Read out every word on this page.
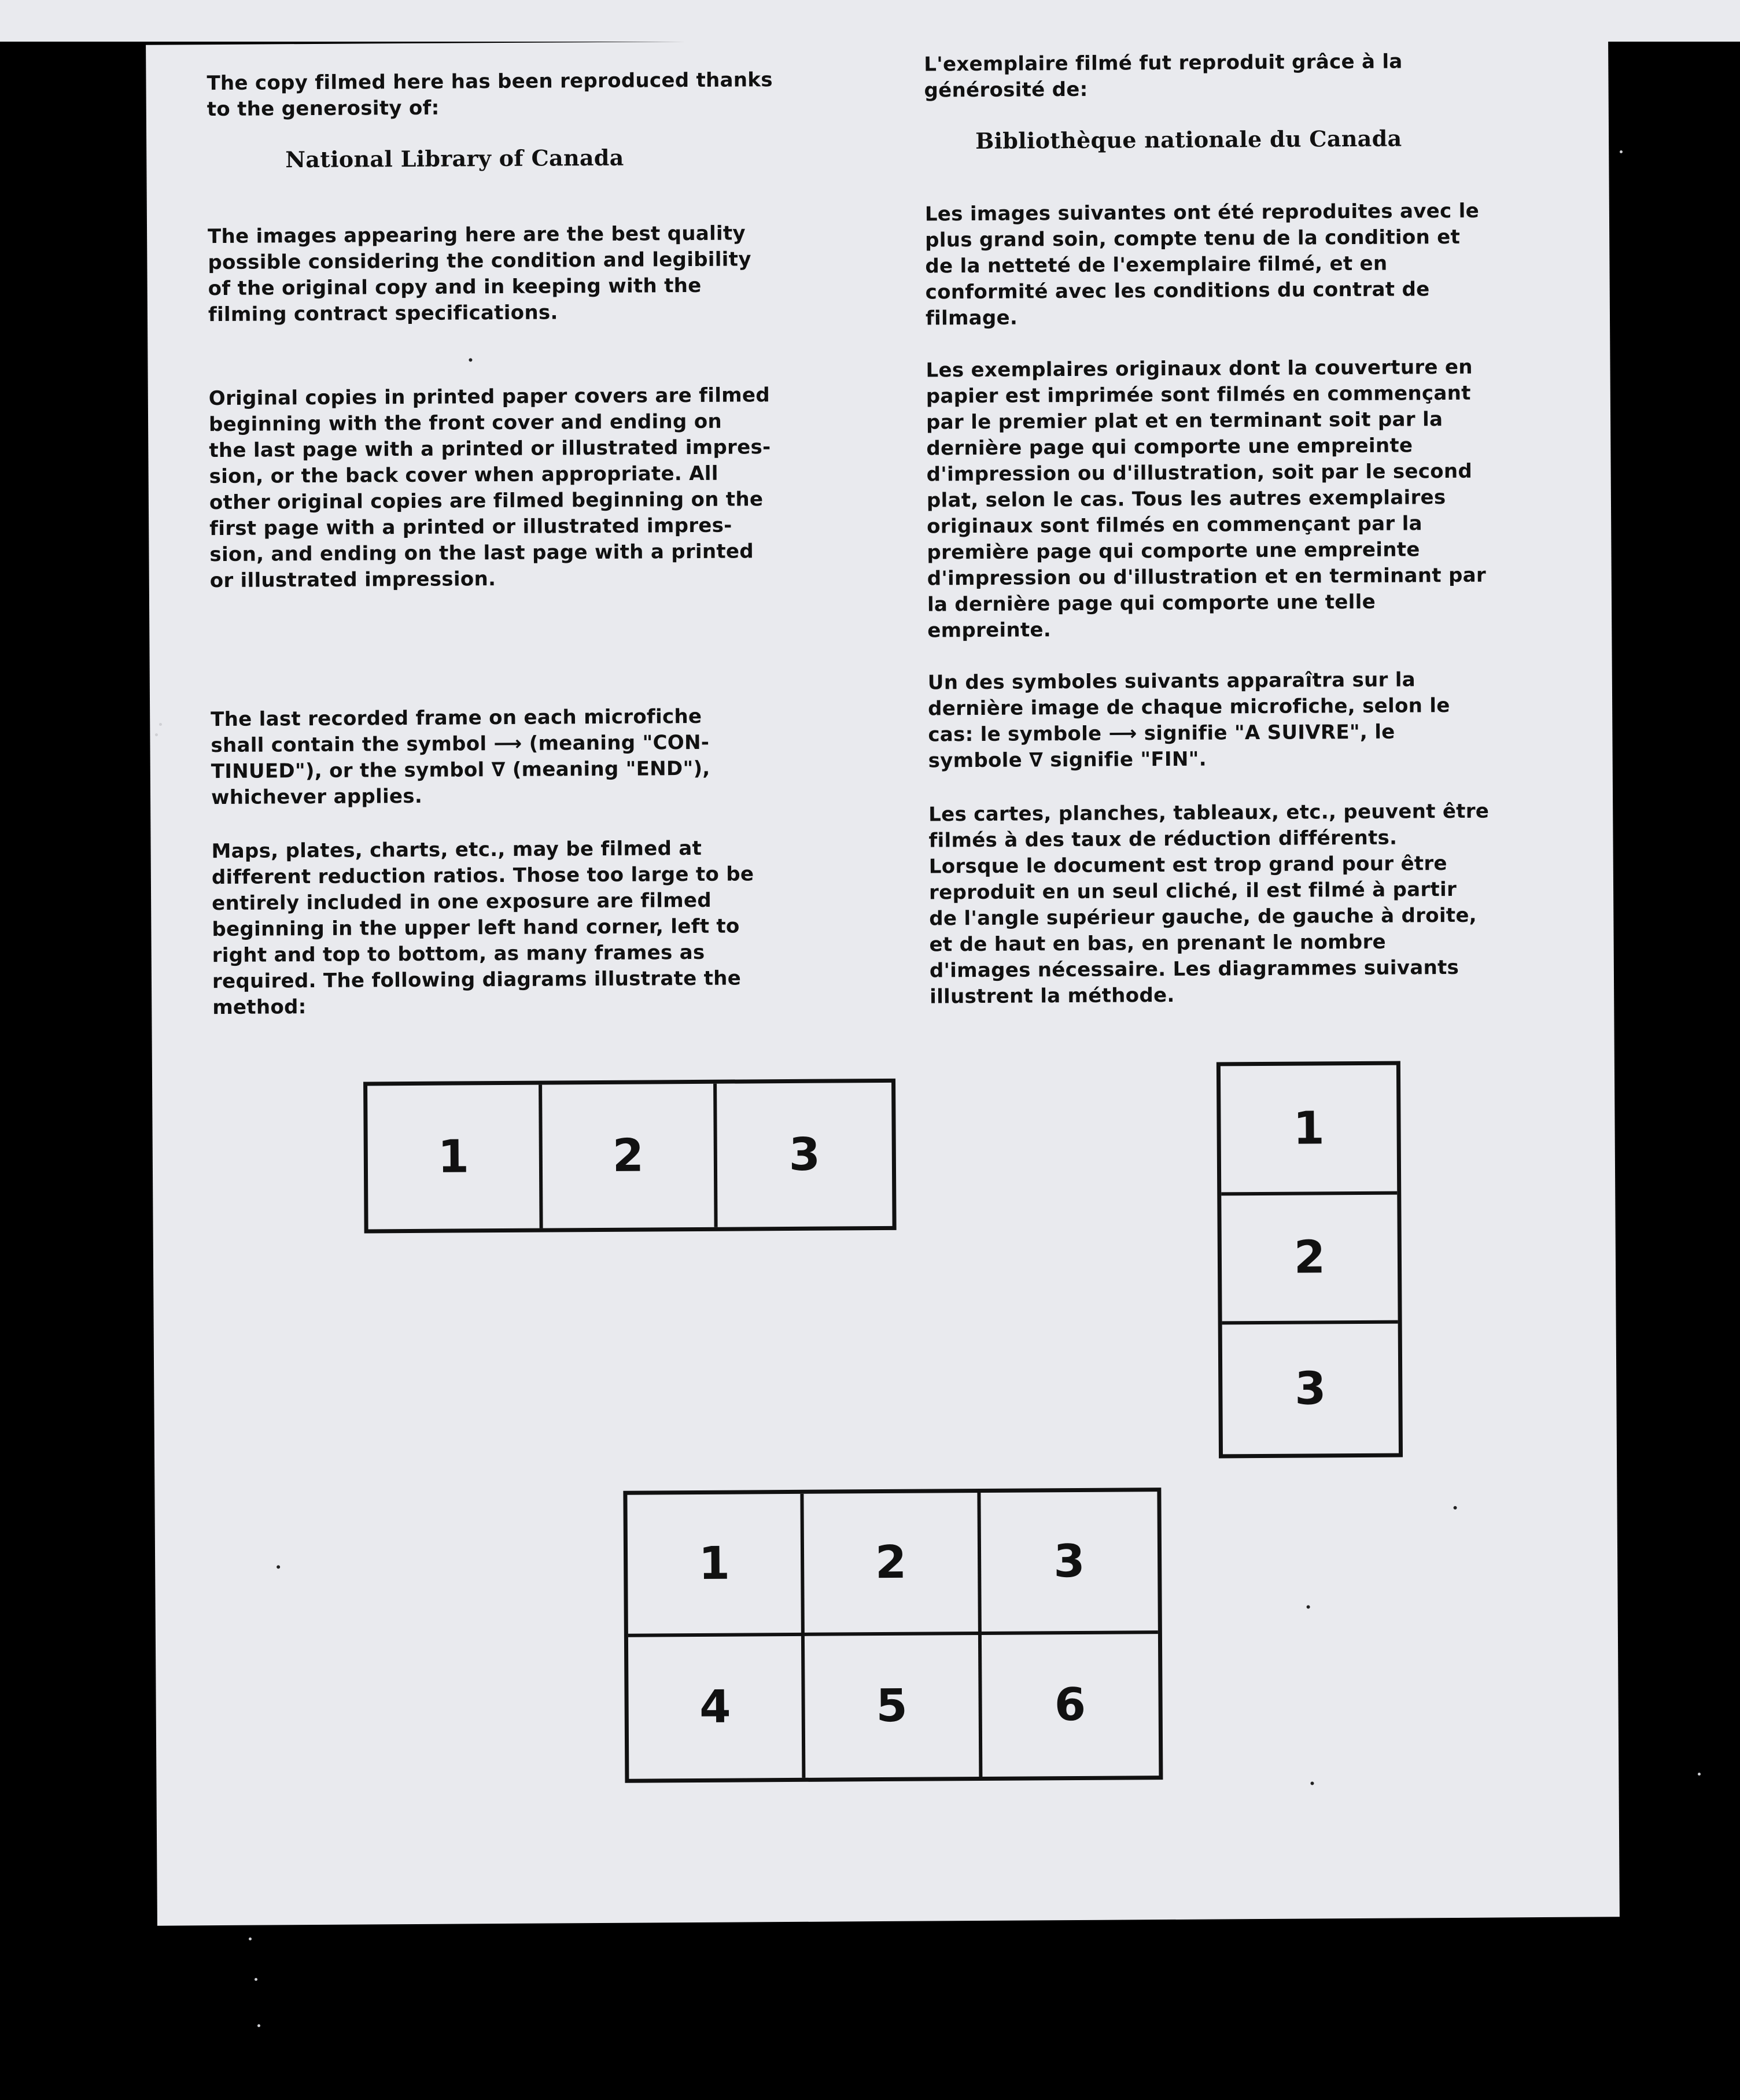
The copy filmed here has been reproduced thanks
to the generosity of:

National Library of Canada

The images appearing here are the best quality
possible considering the condition and legibility
of the original copy and in keeping with the
filming contract specifications.

Original copies in printed paper covers are filmed
beginning with the front cover and ending on
the last page with a printed or illustrated impres-
sion, or the back cover when appropriate. All
other original copies are filmed beginning on the
first page with a printed or illustrated impres-
sion, and ending on the last page with a printed
or illustrated impression.

The last recorded frame on each microfiche
shall contain the symbol ⟶ (meaning "CON-
TINUED"), or the symbol ∇ (meaning "END"),
whichever applies.

Maps, plates, charts, etc., may be filmed at
different reduction ratios. Those too large to be
entirely included in one exposure are filmed
beginning in the upper left hand corner, left to
right and top to bottom, as many frames as
required. The following diagrams illustrate the
method:

L'exemplaire filmé fut reproduit grâce à la
générosité de:

Bibliothèque nationale du Canada

Les images suivantes ont été reproduites avec le
plus grand soin, compte tenu de la condition et
de la netteté de l'exemplaire filmé, et en
conformité avec les conditions du contrat de
filmage.

Les exemplaires originaux dont la couverture en
papier est imprimée sont filmés en commençant
par le premier plat et en terminant soit par la
dernière page qui comporte une empreinte
d'impression ou d'illustration, soit par le second
plat, selon le cas. Tous les autres exemplaires
originaux sont filmés en commençant par la
première page qui comporte une empreinte
d'impression ou d'illustration et en terminant par
la dernière page qui comporte une telle
empreinte.

Un des symboles suivants apparaîtra sur la
dernière image de chaque microfiche, selon le
cas: le symbole ⟶ signifie "A SUIVRE", le
symbole ∇ signifie "FIN".

Les cartes, planches, tableaux, etc., peuvent être
filmés à des taux de réduction différents.
Lorsque le document est trop grand pour être
reproduit en un seul cliché, il est filmé à partir
de l'angle supérieur gauche, de gauche à droite,
et de haut en bas, en prenant le nombre
d'images nécessaire. Les diagrammes suivants
illustrent la méthode.

1	2	3
1
2
3
1	2	3
4	5	6
